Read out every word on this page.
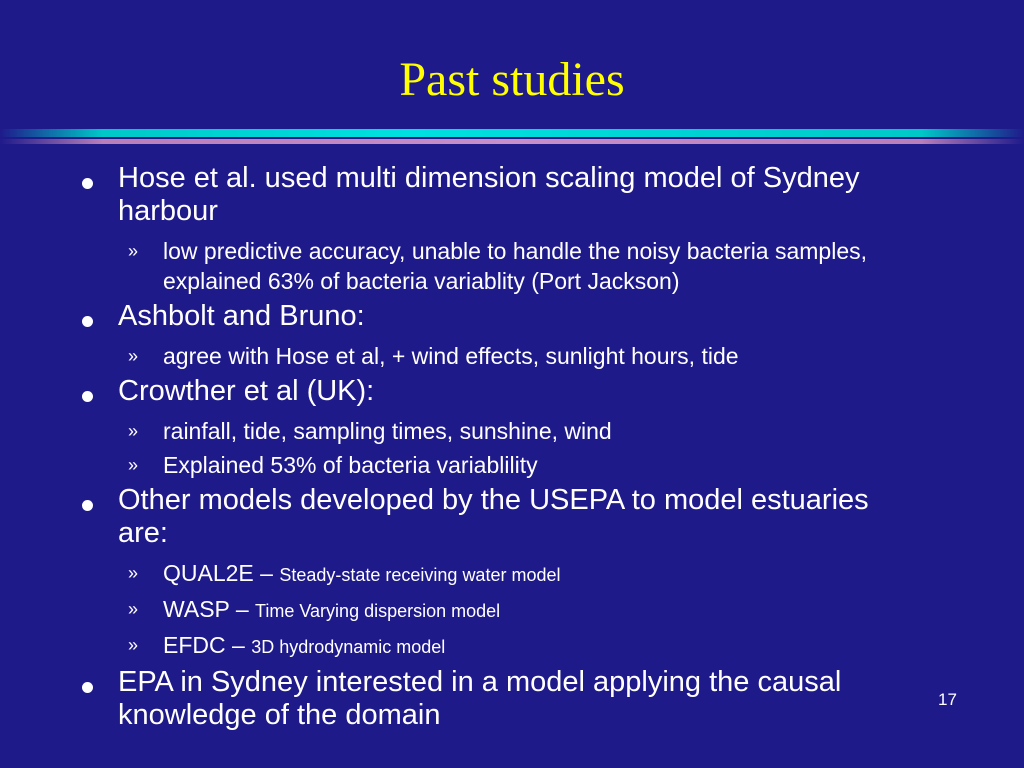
Past studies
Hose et al. used multi dimension scaling model of Sydney harbour
» low predictive accuracy, unable to handle the noisy bacteria samples, explained 63% of bacteria variablity (Port Jackson)
Ashbolt and Bruno:
» agree with Hose et al, + wind effects, sunlight hours, tide
Crowther et al (UK):
» rainfall, tide, sampling times, sunshine, wind
» Explained 53% of bacteria variablility
Other models developed by the USEPA to model estuaries are:
» QUAL2E – Steady-state receiving water model
» WASP – Time Varying dispersion model
» EFDC – 3D hydrodynamic model
EPA in Sydney interested in a model applying the causal knowledge of the domain	17
